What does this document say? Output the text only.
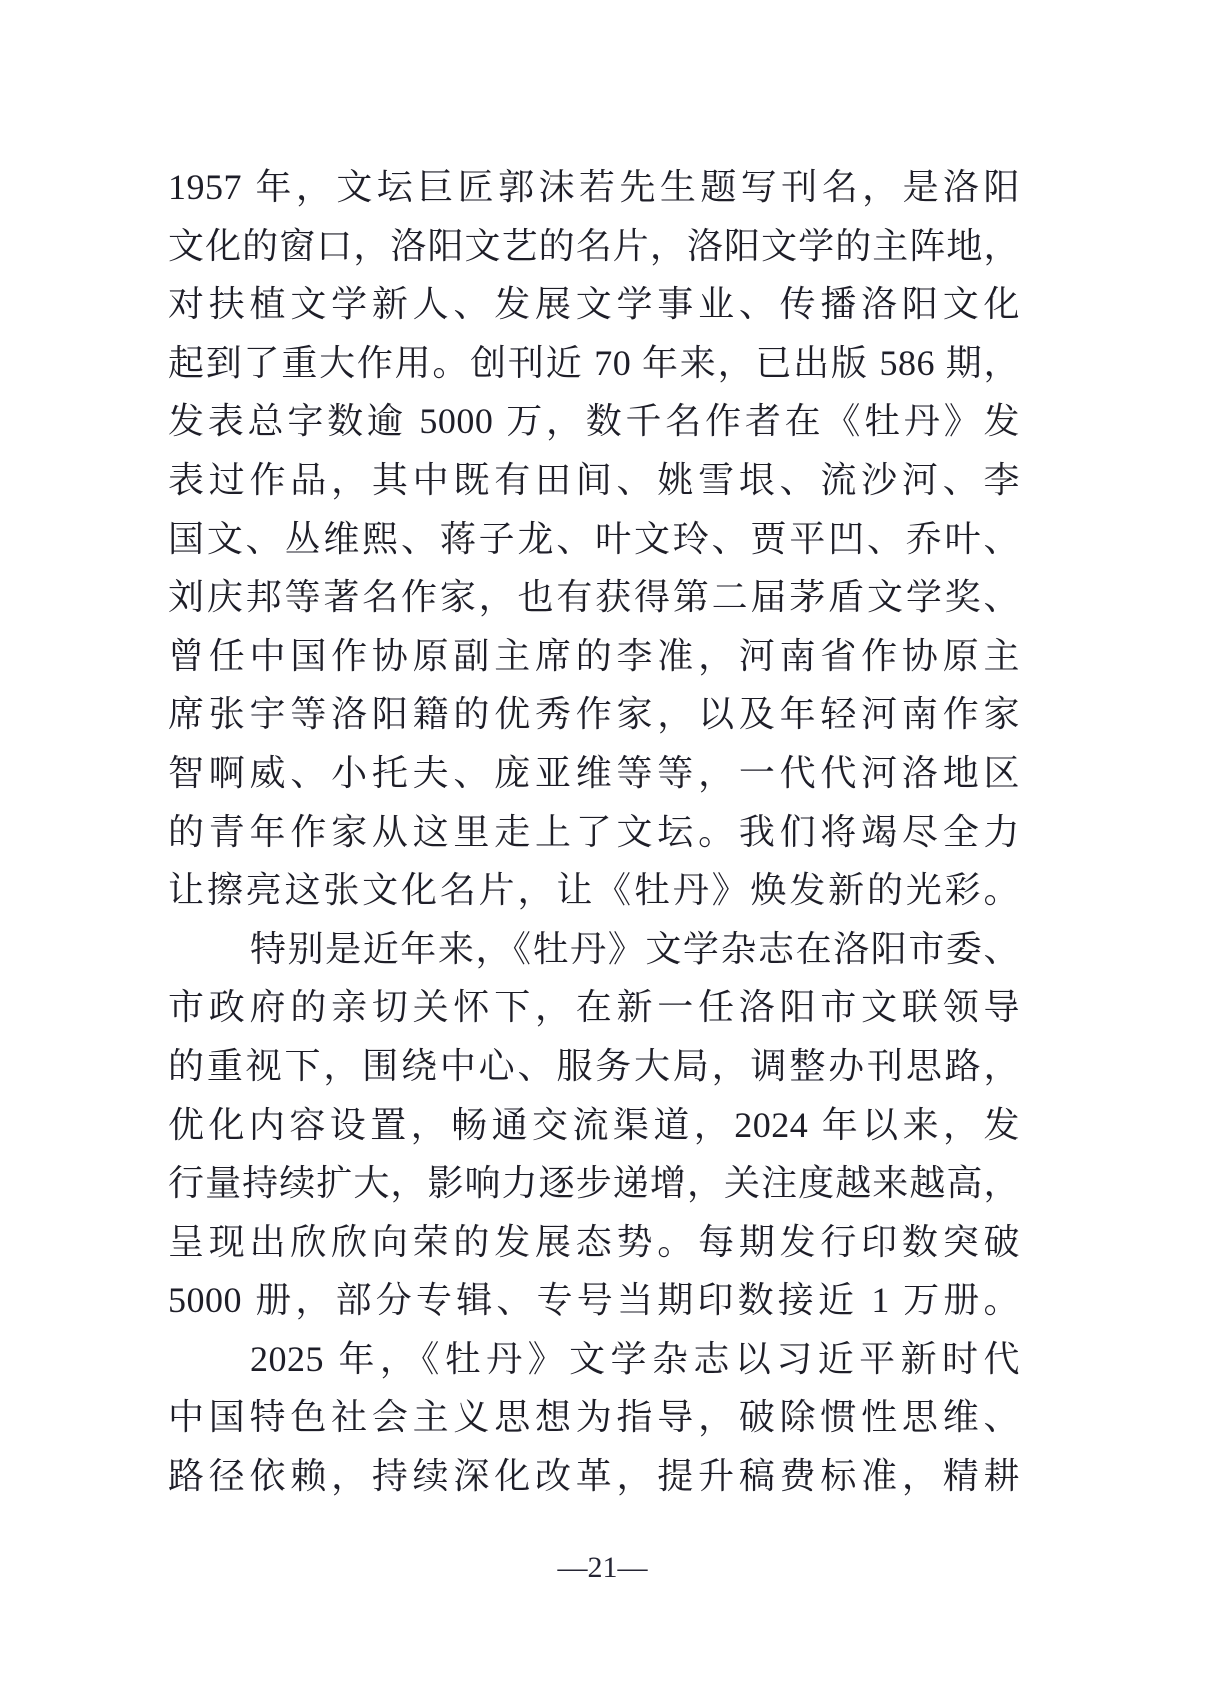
1957 年，文坛巨匠郭沫若先生题写刊名，是洛阳
文化的窗口，洛阳文艺的名片，洛阳文学的主阵地，
对扶植文学新人、发展文学事业、传播洛阳文化
起到了重大作用。创刊近 70 年来，已出版 586 期，
发表总字数逾 5000 万，数千名作者在《牡丹》发
表过作品，其中既有田间、姚雪垠、流沙河、李
国文、丛维熙、蒋子龙、叶文玲、贾平凹、乔叶、
刘庆邦等著名作家，也有获得第二届茅盾文学奖、
曾任中国作协原副主席的李准，河南省作协原主
席张宇等洛阳籍的优秀作家，以及年轻河南作家
智啊威、小托夫、庞亚维等等，一代代河洛地区
的青年作家从这里走上了文坛。我们将竭尽全力
让擦亮这张文化名片，让《牡丹》焕发新的光彩。
特别是近年来，《牡丹》文学杂志在洛阳市委、
市政府的亲切关怀下，在新一任洛阳市文联领导
的重视下，围绕中心、服务大局，调整办刊思路，
优化内容设置，畅通交流渠道，2024 年以来，发
行量持续扩大，影响力逐步递增，关注度越来越高，
呈现出欣欣向荣的发展态势。每期发行印数突破
5000 册，部分专辑、专号当期印数接近 1 万册。
2025 年，《牡丹》文学杂志以习近平新时代
中国特色社会主义思想为指导，破除惯性思维、
路径依赖，持续深化改革，提升稿费标准，精耕
—21—
